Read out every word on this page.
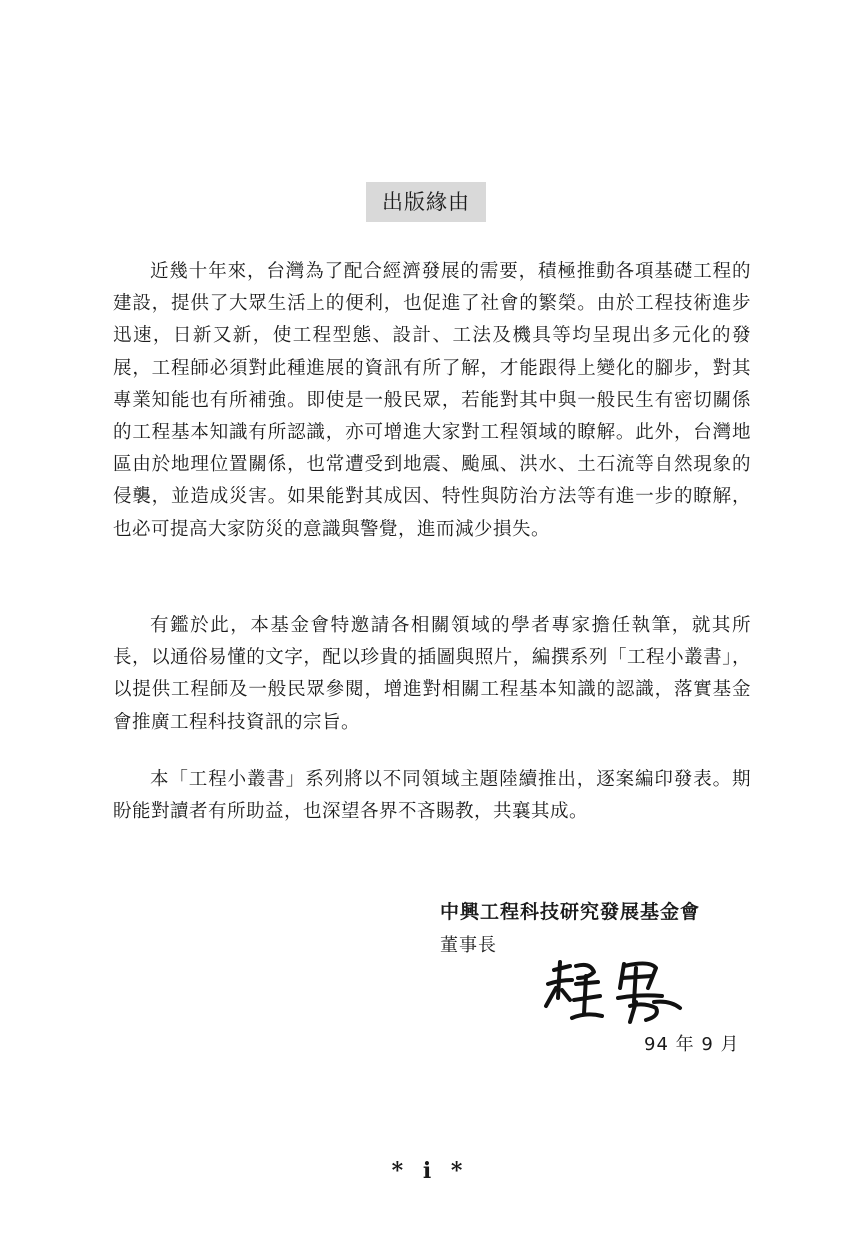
出版緣由

近幾十年來，台灣為了配合經濟發展的需要，積極推動各項基礎工程的建設，提供了大眾生活上的便利，也促進了社會的繁榮。由於工程技術進步迅速，日新又新，使工程型態、設計、工法及機具等均呈現出多元化的發展，工程師必須對此種進展的資訊有所了解，才能跟得上變化的腳步，對其專業知能也有所補強。即使是一般民眾，若能對其中與一般民生有密切關係的工程基本知識有所認識，亦可增進大家對工程領域的瞭解。此外，台灣地區由於地理位置關係，也常遭受到地震、颱風、洪水、土石流等自然現象的侵襲，並造成災害。如果能對其成因、特性與防治方法等有進一步的瞭解，也必可提高大家防災的意識與警覺，進而減少損失。

有鑑於此，本基金會特邀請各相關領域的學者專家擔任執筆，就其所長，以通俗易懂的文字，配以珍貴的插圖與照片，編撰系列「工程小叢書」，以提供工程師及一般民眾參閱，增進對相關工程基本知識的認識，落實基金會推廣工程科技資訊的宗旨。

本「工程小叢書」系列將以不同領域主題陸續推出，逐案編印發表。期盼能對讀者有所助益，也深望各界不吝賜教，共襄其成。

中興工程科技研究發展基金會
董事長
94 年 9 月
* i *
